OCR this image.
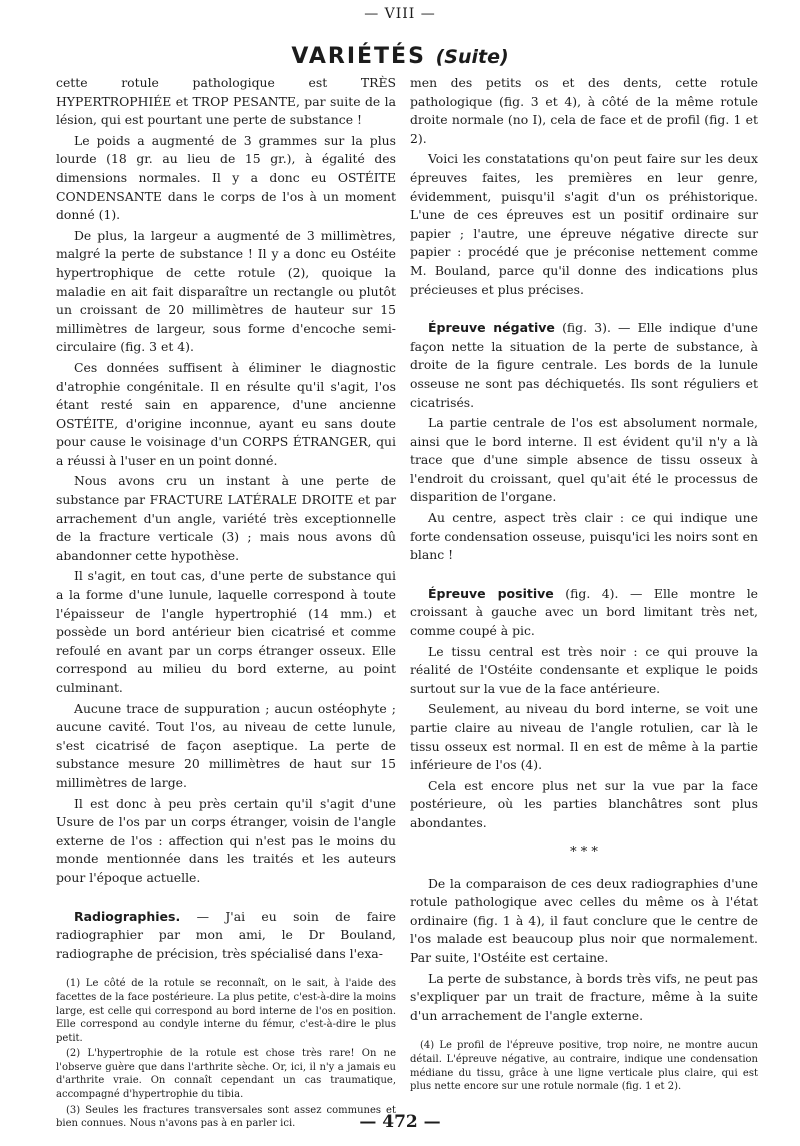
— VIII —
VARIÉTÉS (Suite)

cette rotule pathologique est TRÈS HYPERTROPHIÉE et TROP PESANTE, par suite de la lésion, qui est pourtant une perte de substance !

Le poids a augmenté de 3 grammes sur la plus lourde (18 gr. au lieu de 15 gr.), à égalité des dimensions normales. Il y a donc eu OSTÉITE CONDENSANTE dans le corps de l'os à un moment donné (1).

De plus, la largeur a augmenté de 3 millimètres, malgré la perte de substance ! Il y a donc eu Ostéite hypertrophique de cette rotule (2), quoique la maladie en ait fait disparaître un rectangle ou plutôt un croissant de 20 millimètres de hauteur sur 15 millimètres de largeur, sous forme d'encoche semi-circulaire (fig. 3 et 4).

Ces données suffisent à éliminer le diagnostic d'atrophie congénitale. Il en résulte qu'il s'agit, l'os étant resté sain en apparence, d'une ancienne OSTÉITE, d'origine inconnue, ayant eu sans doute pour cause le voisinage d'un CORPS ÉTRANGER, qui a réussi à l'user en un point donné.

Nous avons cru un instant à une perte de substance par FRACTURE LATÉRALE DROITE et par arrachement d'un angle, variété très exceptionnelle de la fracture verticale (3) ; mais nous avons dû abandonner cette hypothèse.

Il s'agit, en tout cas, d'une perte de substance qui a la forme d'une lunule, laquelle correspond à toute l'épaisseur de l'angle hypertrophié (14 mm.) et possède un bord antérieur bien cicatrisé et comme refoulé en avant par un corps étranger osseux. Elle correspond au milieu du bord externe, au point culminant.

Aucune trace de suppuration ; aucun ostéophyte ; aucune cavité. Tout l'os, au niveau de cette lunule, s'est cicatrisé de façon aseptique. La perte de substance mesure 20 millimètres de haut sur 15 millimètres de large.

Il est donc à peu près certain qu'il s'agit d'une Usure de l'os par un corps étranger, voisin de l'angle externe de l'os : affection qui n'est pas le moins du monde mentionnée dans les traités et les auteurs pour l'époque actuelle.

Radiographies. — J'ai eu soin de faire radiographier par mon ami, le Dr Bouland, radiographe de précision, très spécialisé dans l'exa-

(1) Le côté de la rotule se reconnaît, on le sait, à l'aide des facettes de la face postérieure. La plus petite, c'est-à-dire la moins large, est celle qui correspond au bord interne de l'os en position. Elle correspond au condyle interne du fémur, c'est-à-dire le plus petit.

(2) L'hypertrophie de la rotule est chose très rare! On ne l'observe guère que dans l'arthrite sèche. Or, ici, il n'y a jamais eu d'arthrite vraie. On connaît cependant un cas traumatique, accompagné d'hypertrophie du tibia.

(3) Seules les fractures transversales sont assez communes et bien connues. Nous n'avons pas à en parler ici.

men des petits os et des dents, cette rotule pathologique (fig. 3 et 4), à côté de la même rotule droite normale (no I), cela de face et de profil (fig. 1 et 2).

Voici les constatations qu'on peut faire sur les deux épreuves faites, les premières en leur genre, évidemment, puisqu'il s'agit d'un os préhistorique. L'une de ces épreuves est un positif ordinaire sur papier ; l'autre, une épreuve négative directe sur papier : procédé que je préconise nettement comme M. Bouland, parce qu'il donne des indications plus précieuses et plus précises.

Épreuve négative (fig. 3). — Elle indique d'une façon nette la situation de la perte de substance, à droite de la figure centrale. Les bords de la lunule osseuse ne sont pas déchiquetés. Ils sont réguliers et cicatrisés.

La partie centrale de l'os est absolument normale, ainsi que le bord interne. Il est évident qu'il n'y a là trace que d'une simple absence de tissu osseux à l'endroit du croissant, quel qu'ait été le processus de disparition de l'organe.

Au centre, aspect très clair : ce qui indique une forte condensation osseuse, puisqu'ici les noirs sont en blanc !

Épreuve positive (fig. 4). — Elle montre le croissant à gauche avec un bord limitant très net, comme coupé à pic.

Le tissu central est très noir : ce qui prouve la réalité de l'Ostéite condensante et explique le poids surtout sur la vue de la face antérieure.

Seulement, au niveau du bord interne, se voit une partie claire au niveau de l'angle rotulien, car là le tissu osseux est normal. Il en est de même à la partie inférieure de l'os (4).

Cela est encore plus net sur la vue par la face postérieure, où les parties blanchâtres sont plus abondantes.

* * *

De la comparaison de ces deux radiographies d'une rotule pathologique avec celles du même os à l'état ordinaire (fig. 1 à 4), il faut conclure que le centre de l'os malade est beaucoup plus noir que normalement. Par suite, l'Ostéite est certaine.

La perte de substance, à bords très vifs, ne peut pas s'expliquer par un trait de fracture, même à la suite d'un arrachement de l'angle externe.

(4) Le profil de l'épreuve positive, trop noire, ne montre aucun détail. L'épreuve négative, au contraire, indique une condensation médiane du tissu, grâce à une ligne verticale plus claire, qui est plus nette encore sur une rotule normale (fig. 1 et 2).

— 472 —
